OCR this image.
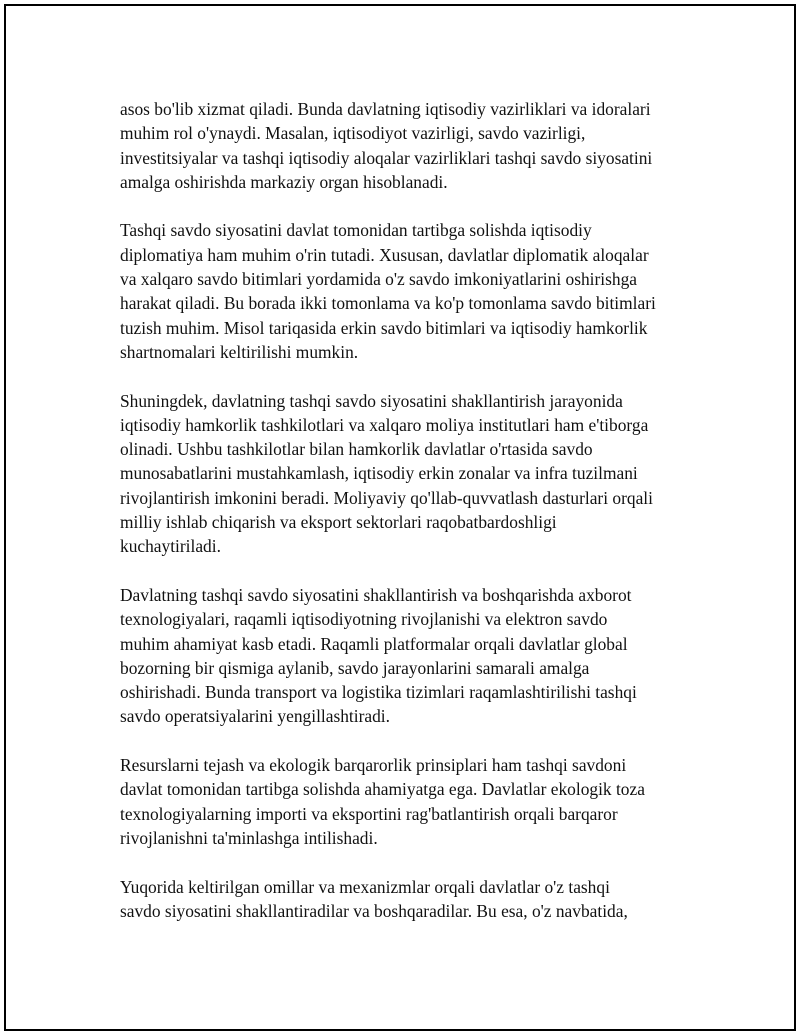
asos bo'lib xizmat qiladi. Bunda davlatning iqtisodiy vazirliklari va idoralari
muhim rol o'ynaydi. Masalan, iqtisodiyot vazirligi, savdo vazirligi,
investitsiyalar va tashqi iqtisodiy aloqalar vazirliklari tashqi savdo siyosatini
amalga oshirishda markaziy organ hisoblanadi.

Tashqi savdo siyosatini davlat tomonidan tartibga solishda iqtisodiy
diplomatiya ham muhim o'rin tutadi. Xususan, davlatlar diplomatik aloqalar
va xalqaro savdo bitimlari yordamida o'z savdo imkoniyatlarini oshirishga
harakat qiladi. Bu borada ikki tomonlama va ko'p tomonlama savdo bitimlari
tuzish muhim. Misol tariqasida erkin savdo bitimlari va iqtisodiy hamkorlik
shartnomalari keltirilishi mumkin.

Shuningdek, davlatning tashqi savdo siyosatini shakllantirish jarayonida
iqtisodiy hamkorlik tashkilotlari va xalqaro moliya institutlari ham e'tiborga
olinadi. Ushbu tashkilotlar bilan hamkorlik davlatlar o'rtasida savdo
munosabatlarini mustahkamlash, iqtisodiy erkin zonalar va infra tuzilmani
rivojlantirish imkonini beradi. Moliyaviy qo'llab-quvvatlash dasturlari orqali
milliy ishlab chiqarish va eksport sektorlari raqobatbardoshligi
kuchaytiriladi.

Davlatning tashqi savdo siyosatini shakllantirish va boshqarishda axborot
texnologiyalari, raqamli iqtisodiyotning rivojlanishi va elektron savdo
muhim ahamiyat kasb etadi. Raqamli platformalar orqali davlatlar global
bozorning bir qismiga aylanib, savdo jarayonlarini samarali amalga
oshirishadi. Bunda transport va logistika tizimlari raqamlashtirilishi tashqi
savdo operatsiyalarini yengillashtiradi.

Resurslarni tejash va ekologik barqarorlik prinsiplari ham tashqi savdoni
davlat tomonidan tartibga solishda ahamiyatga ega. Davlatlar ekologik toza
texnologiyalarning importi va eksportini rag'batlantirish orqali barqaror
rivojlanishni ta'minlashga intilishadi.

Yuqorida keltirilgan omillar va mexanizmlar orqali davlatlar o'z tashqi
savdo siyosatini shakllantiradilar va boshqaradilar. Bu esa, o'z navbatida,
